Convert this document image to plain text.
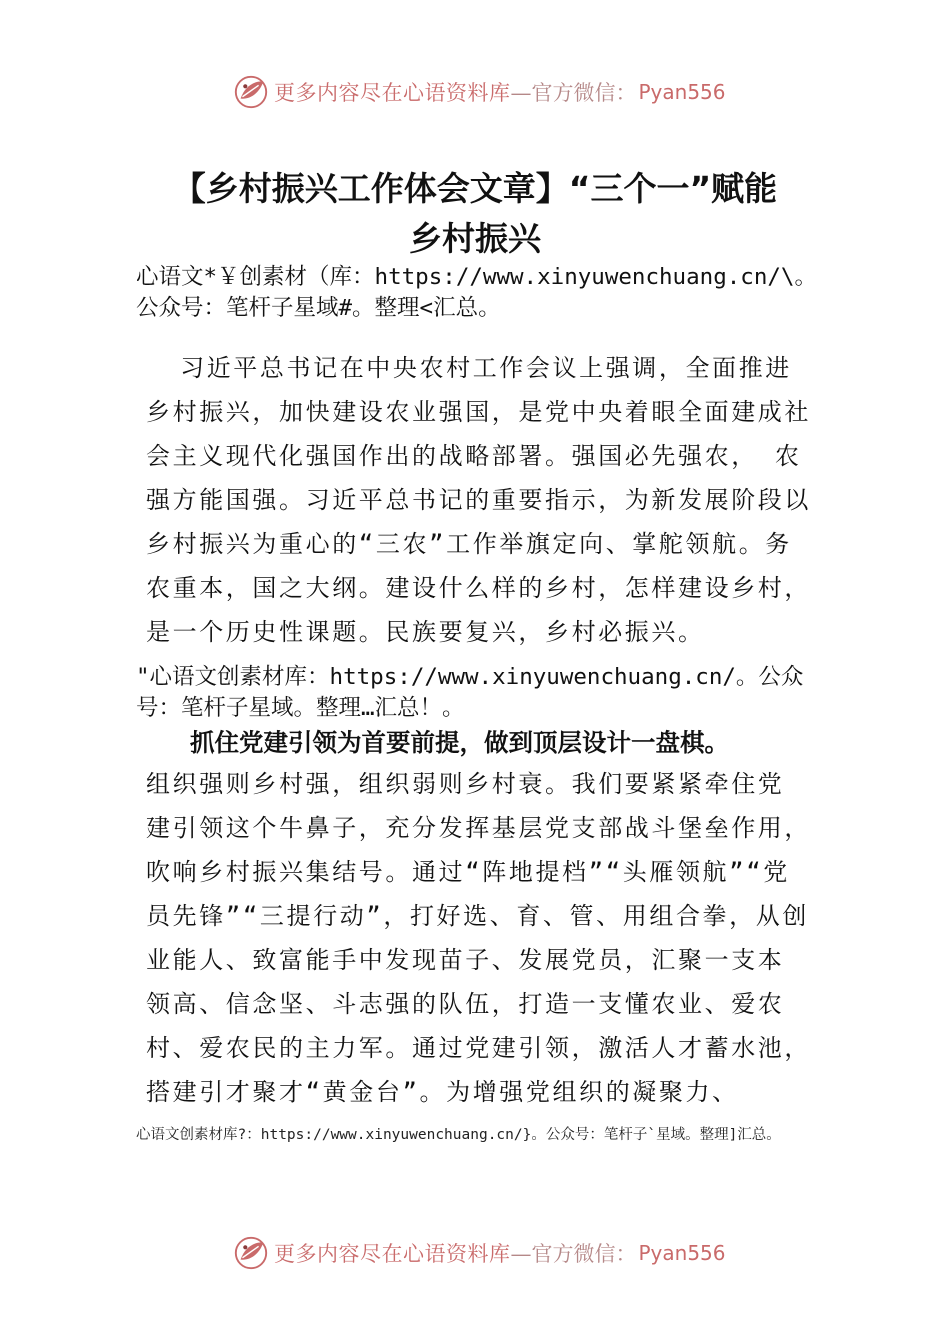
更多内容尽在心语资料库 —官方微信： Pyan556
【乡村振兴工作体会文章】“三个一”赋能
乡村振兴
心语文*￥创素材（库：https://www.xinyuwenchuang.cn/\。公众号：笔杆子星域#。整理<汇总。
习近平总书记在中央农村工作会议上强调，全面推进
乡村振兴，加快建设农业强国，是党中央着眼全面建成社
会主义现代化强国作出的战略部署。强国必先强农， 农
强方能国强。习近平总书记的重要指示，为新发展阶段以
乡村振兴为重心的“三农”工作举旗定向、掌舵领航。务
农重本，国之大纲。建设什么样的乡村，怎样建设乡村，
是一个历史性课题。民族要复兴，乡村必振兴。
"心语文创素材库：https://www.xinyuwenchuang.cn/。公众号：笔杆子星域。整理…汇总！。
抓住党建引领为首要前提，做到顶层设计一盘棋。
组织强则乡村强，组织弱则乡村衰。我们要紧紧牵住党
建引领这个牛鼻子，充分发挥基层党支部战斗堡垒作用，
吹响乡村振兴集结号。通过“阵地提档”“头雁领航”“党
员先锋”“三提行动”，打好选、育、管、用组合拳，从创
业能人、致富能手中发现苗子、发展党员，汇聚一支本
领高、信念坚、斗志强的队伍，打造一支懂农业、爱农
村、爱农民的主力军。通过党建引领，激活人才蓄水池，
搭建引才聚才“黄金台”。为增强党组织的凝聚力、
心语文创素材库?：https://www.xinyuwenchuang.cn/}。公众号：笔杆子`星域。整理]汇总。
更多内容尽在心语资料库 —官方微信： Pyan556
